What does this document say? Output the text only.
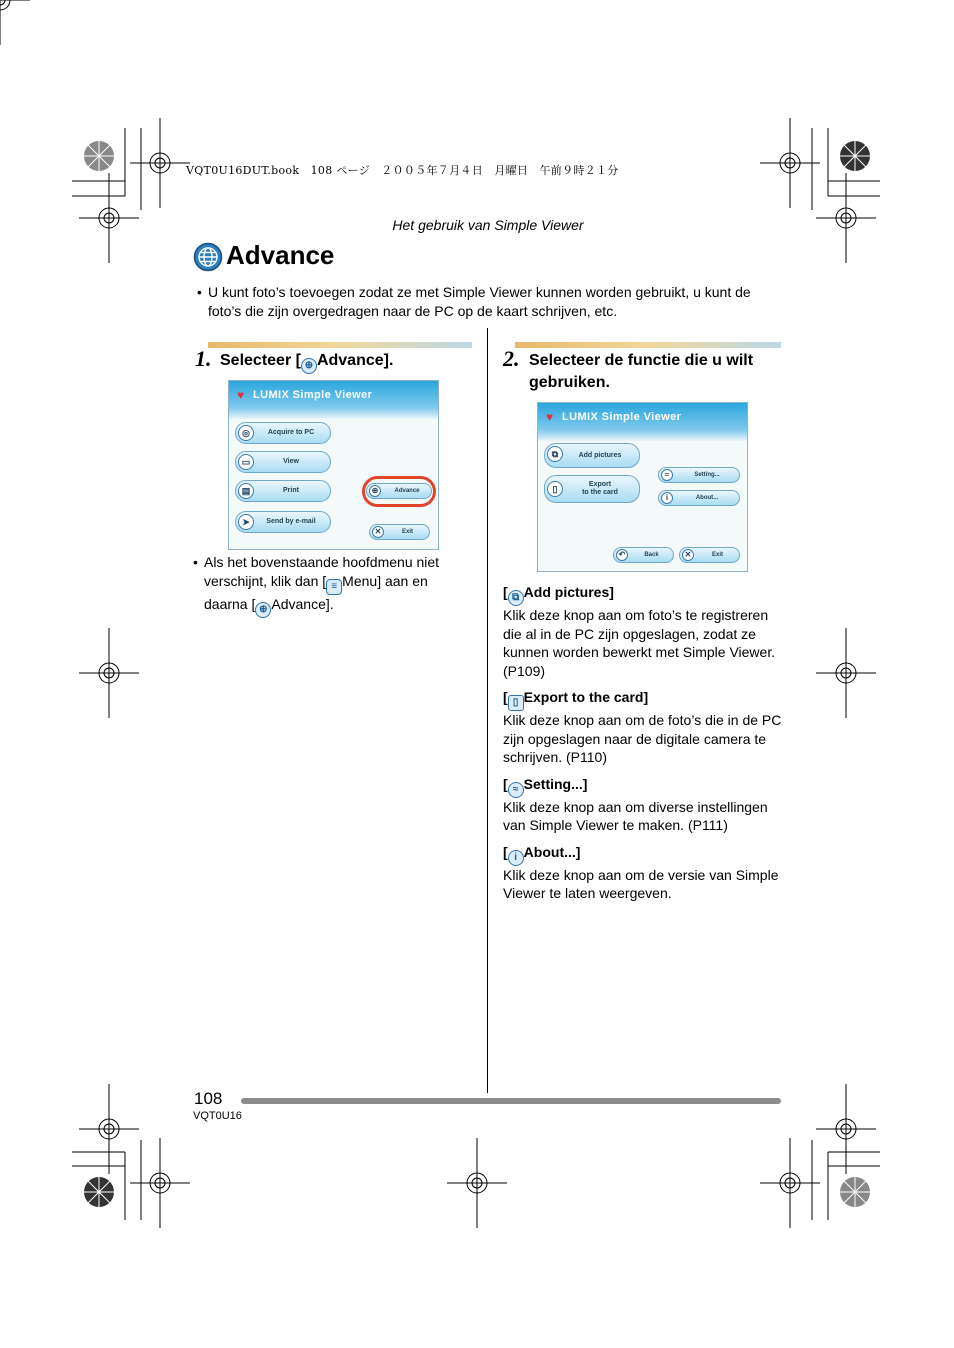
VQT0U16DUT.book　108 ページ　２００５年７月４日　月曜日　午前９時２１分
Het gebruik van Simple Viewer
Advance
• U kunt foto’s toevoegen zodat ze met Simple Viewer kunnen worden gebruikt, u kunt de foto’s die zijn overgedragen naar de PC op de kaart schrijven, etc.
1. Selecteer [ ⊕ Advance].
♥ LUMIX Simple Viewer
◎	Acquire to PC
▭	View
▤	Print
➤	Send by e-mail
⊕	Advance
✕	Exit
• Als het bovenstaande hoofdmenu niet verschijnt, klik dan [ ≡ Menu] aan en daarna [ ⊕ Advance].
2. Selecteer de functie die u wilt gebruiken.
♥ LUMIX Simple Viewer
⧉	Add pictures
▯	Export
to the card
≈	Setting...
i	About...
↶	Back	✕	Exit
[ ⧉ Add pictures]

Klik deze knop aan om foto’s te registreren die al in de PC zijn opgeslagen, zodat ze kunnen worden bewerkt met Simple Viewer. (P109)

[ ▯ Export to the card]

Klik deze knop aan om de foto’s die in de PC zijn opgeslagen naar de digitale camera te schrijven. (P110)

[ ≈ Setting...]

Klik deze knop aan om diverse instellingen van Simple Viewer te maken. (P111)

[ i About...]

Klik deze knop aan om de versie van Simple Viewer te laten weergeven.

108
VQT0U16
